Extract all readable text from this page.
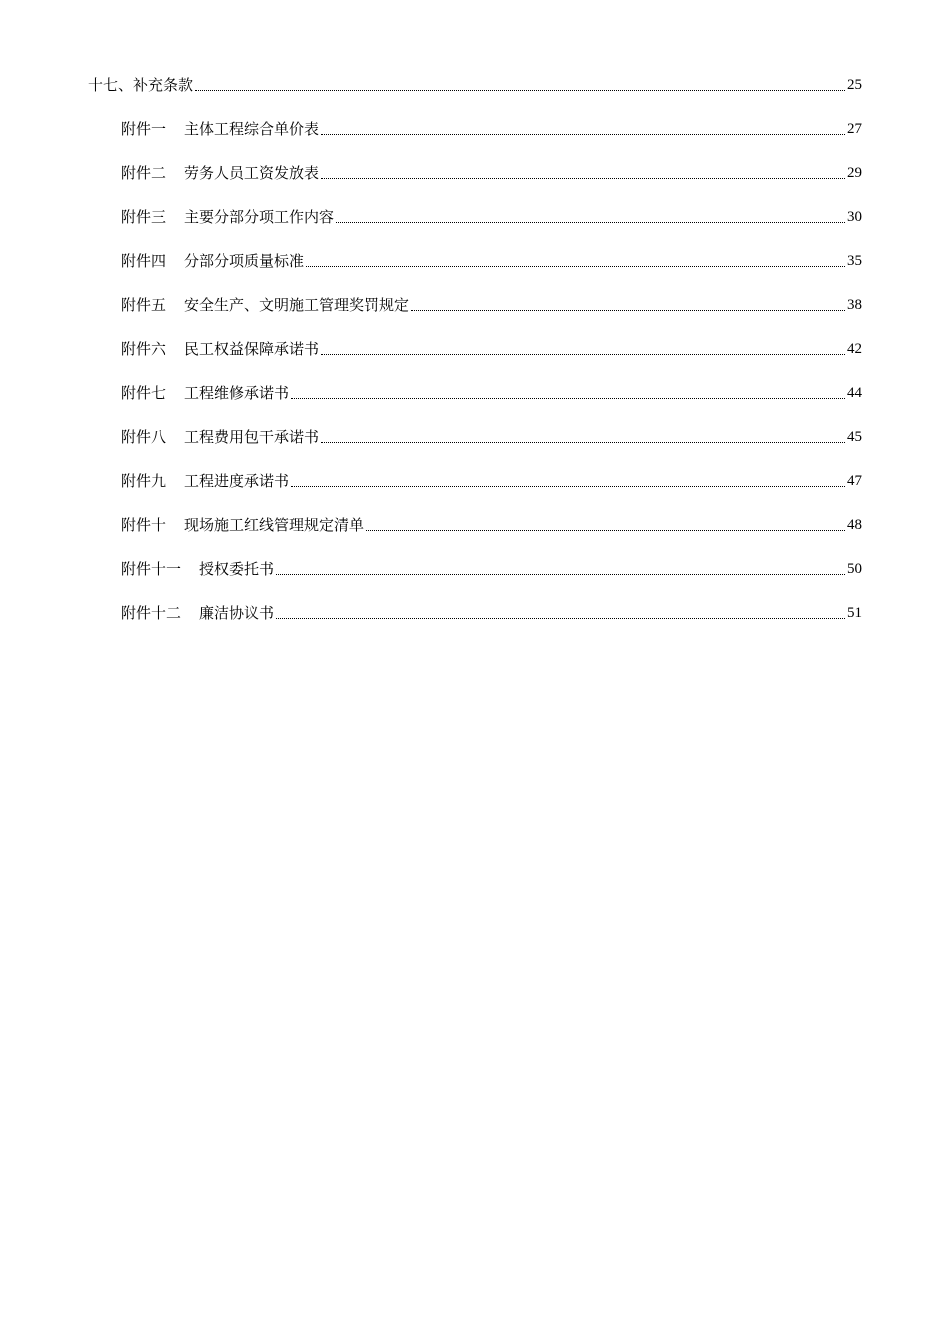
十七、补充条款	25
附件一 主体工程综合单价表	27
附件二 劳务人员工资发放表	29
附件三 主要分部分项工作内容	30
附件四 分部分项质量标准	35
附件五 安全生产、文明施工管理奖罚规定	38
附件六 民工权益保障承诺书	42
附件七 工程维修承诺书	44
附件八 工程费用包干承诺书	45
附件九 工程进度承诺书	47
附件十 现场施工红线管理规定清单	48
附件十一 授权委托书	50
附件十二 廉洁协议书	51
